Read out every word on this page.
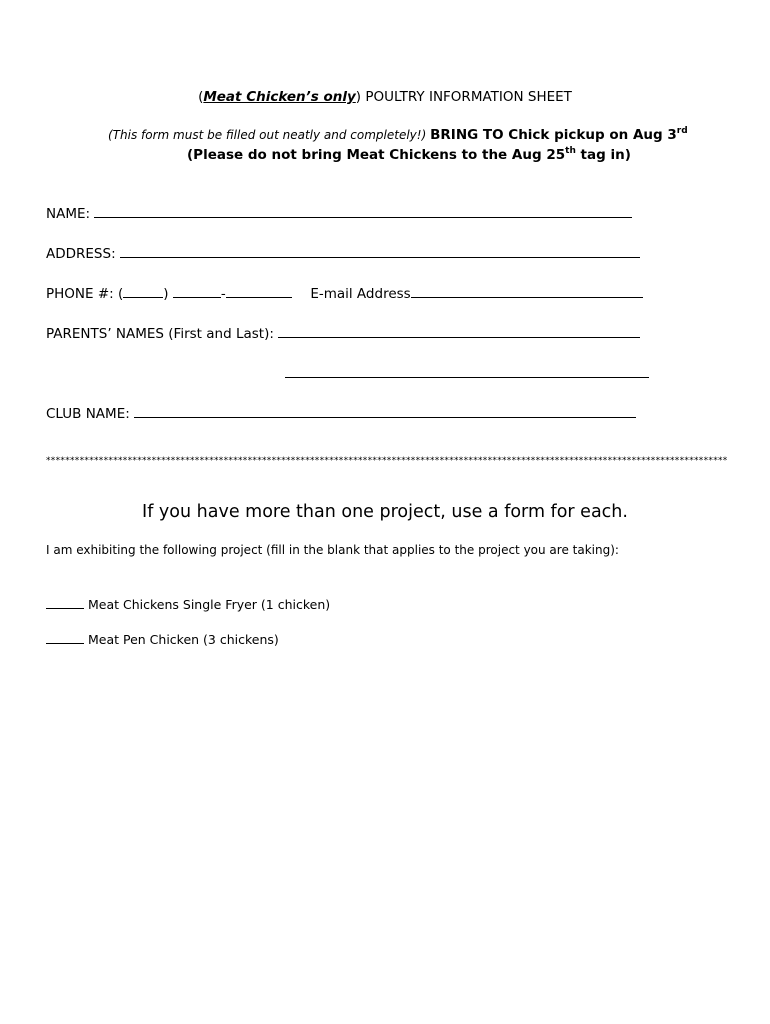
(Meat Chicken’s only) POULTRY INFORMATION SHEET
(This form must be filled out neatly and completely!) BRING TO Chick pickup on Aug 3rd
(Please do not bring Meat Chickens to the Aug 25th tag in)
NAME:
ADDRESS:
PHONE #: (	)	-	E-mail Address
PARENTS’ NAMES (First and Last):
CLUB NAME:
**********************************************************************************************************************************************
If you have more than one project, use a form for each.
I am exhibiting the following project (fill in the blank that applies to the project you are taking):
Meat Chickens Single Fryer (1 chicken)
Meat Pen Chicken (3 chickens)
